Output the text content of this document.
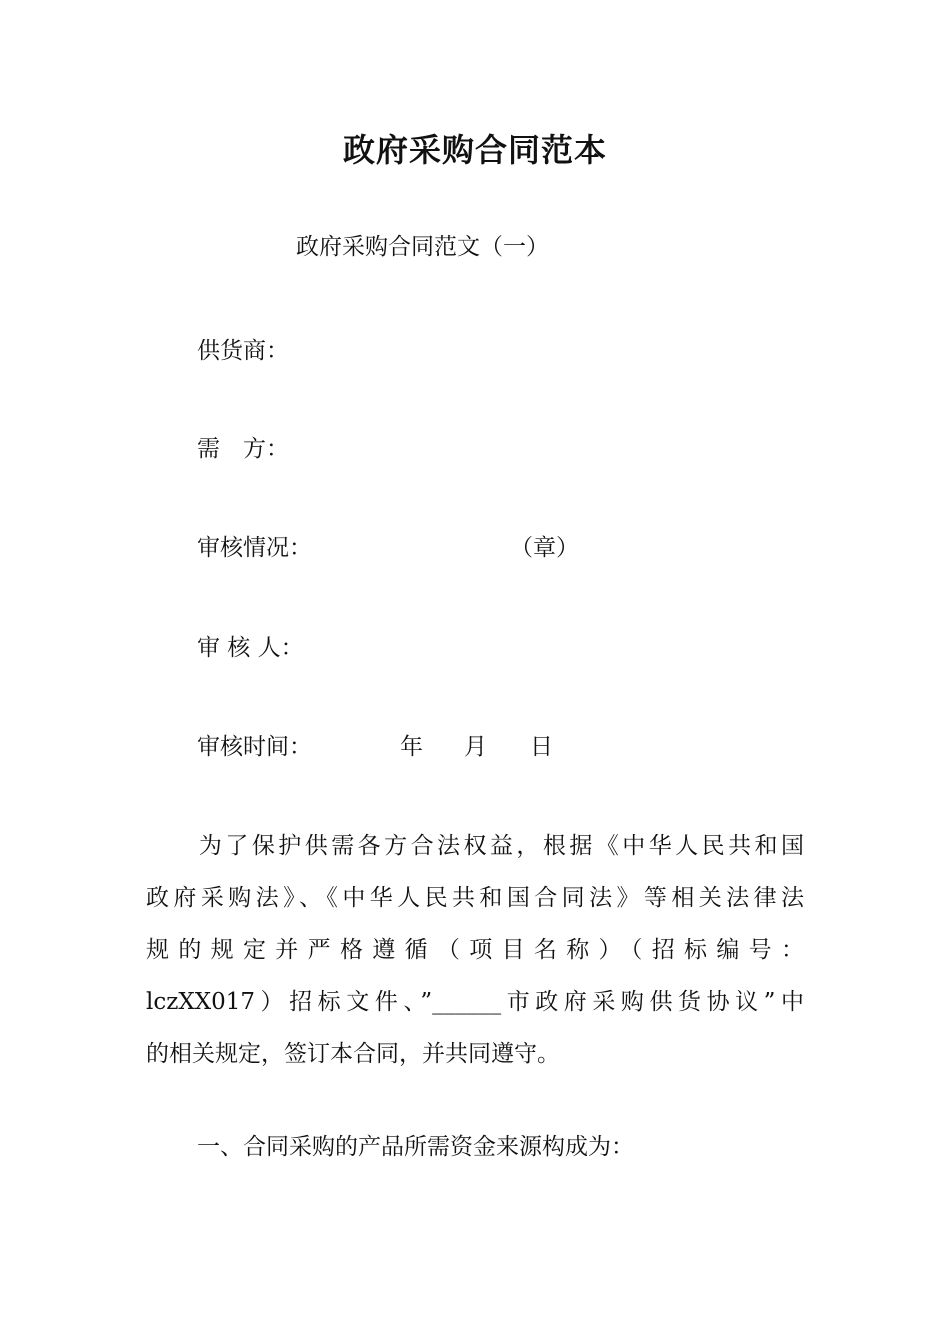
政府采购合同范本
政府采购合同范文（一）
供货商：
需　方：
审核情况：	（章）
审 核 人：
审核时间：	年 月 日
　　为了保护供需各方合法权益，根据《中华人民共和国
政府采购法》、《中华人民共和国合同法》等相关法律法
规的规定并严格遵循（项目名称）（招标编号：
lczXX017）招标文件、”______市政府采购供货协议”中
的相关规定，签订本合同，并共同遵守。
一、合同采购的产品所需资金来源构成为：
